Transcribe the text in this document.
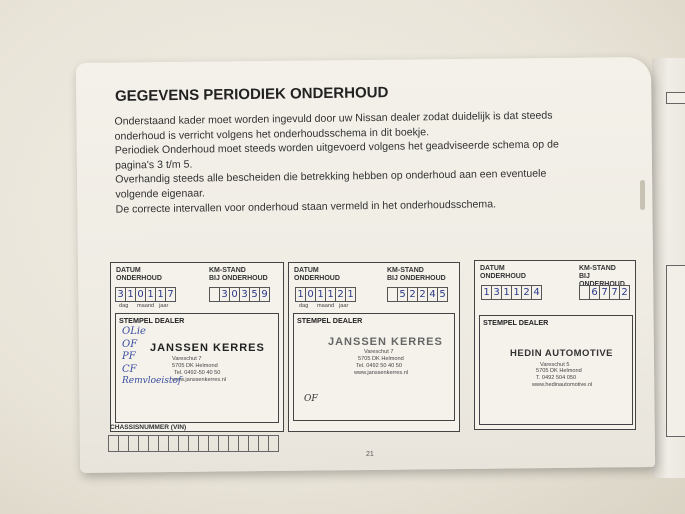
GEGEVENS PERIODIEK ONDERHOUD

Onderstaand kader moet worden ingevuld door uw Nissan dealer zodat duidelijk is dat steeds

onderhoud is verricht volgens het onderhoudsschema in dit boekje.

Periodiek Onderhoud moet steeds worden uitgevoerd volgens het geadviseerde schema op de

pagina's 3 t/m 5.

Overhandig steeds alle bescheiden die betrekking hebben op onderhoud aan een eventuele

volgende eigenaar.

De correcte intervallen voor onderhoud staan vermeld in het onderhoudsschema.

DATUM
ONDERHOUD
KM-STAND
BIJ ONDERHOUD
3 1 0 1 1 7
dag maand jaar
3 0 3 5 9
STEMPEL DEALER
JANSSEN KERRES
Vareschut 7
5705 DK Helmond
Tel. 0492-50 40 50
www.janssenkerres.nl
OLie
OF
PF
CF
Remvloeistof
DATUM
ONDERHOUD
KM-STAND
BIJ ONDERHOUD
1 0 1 1 2 1
dag maand jaar
5 2 2 4 5
STEMPEL DEALER
JANSSEN KERRES
Vareschut 7
5705 DK Helmond
Tel. 0492 50 40 50
www.janssenkerres.nl
OF
DATUM
ONDERHOUD
KM-STAND
BIJ ONDERHOUD
1 3 1 1 2 4	6 7 7 2
STEMPEL DEALER
HEDIN AUTOMOTIVE
Vareschut 5
5705 DK Helmond
T. 0492 504 050
www.hedinautomotive.nl
CHASSISNUMMER (VIN)
21
